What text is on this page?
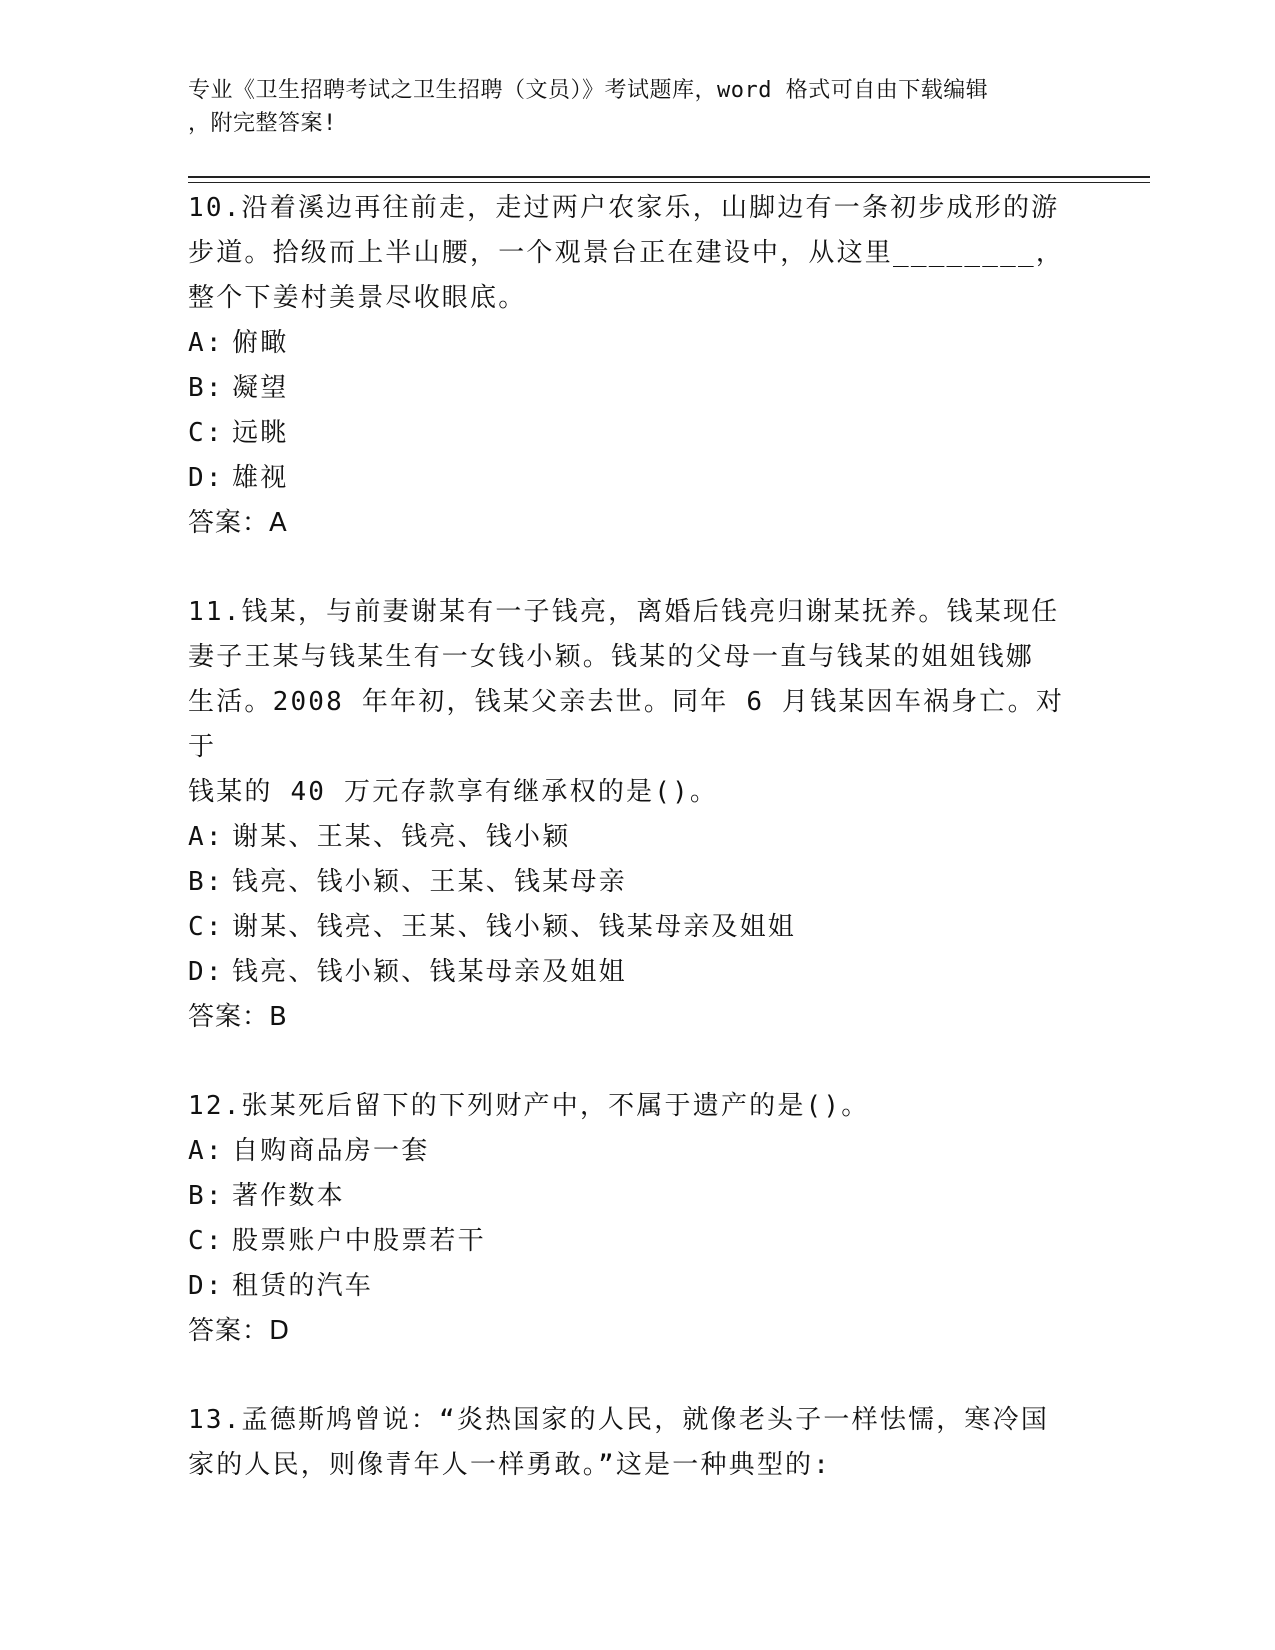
专业《卫生招聘考试之卫生招聘（文员）》考试题库，word 格式可自由下载编辑
，附完整答案!

10.沿着溪边再往前走，走过两户农家乐，山脚边有一条初步成形的游

步道。拾级而上半山腰，一个观景台正在建设中，从这里________，

整个下姜村美景尽收眼底。

A: 俯瞰
B: 凝望
C: 远眺
D: 雄视

答案：A

11.钱某，与前妻谢某有一子钱亮，离婚后钱亮归谢某抚养。钱某现任

妻子王某与钱某生有一女钱小颖。钱某的父母一直与钱某的姐姐钱娜

生活。2008 年年初，钱某父亲去世。同年 6 月钱某因车祸身亡。对于

钱某的 40 万元存款享有继承权的是()。

A: 谢某、王某、钱亮、钱小颖
B: 钱亮、钱小颖、王某、钱某母亲
C: 谢某、钱亮、王某、钱小颖、钱某母亲及姐姐
D: 钱亮、钱小颖、钱某母亲及姐姐

答案：B

12.张某死后留下的下列财产中，不属于遗产的是()。

A: 自购商品房一套
B: 著作数本
C: 股票账户中股票若干
D: 租赁的汽车

答案：D

13.孟德斯鸠曾说：“炎热国家的人民，就像老头子一样怯懦，寒冷国

家的人民，则像青年人一样勇敢。”这是一种典型的:
